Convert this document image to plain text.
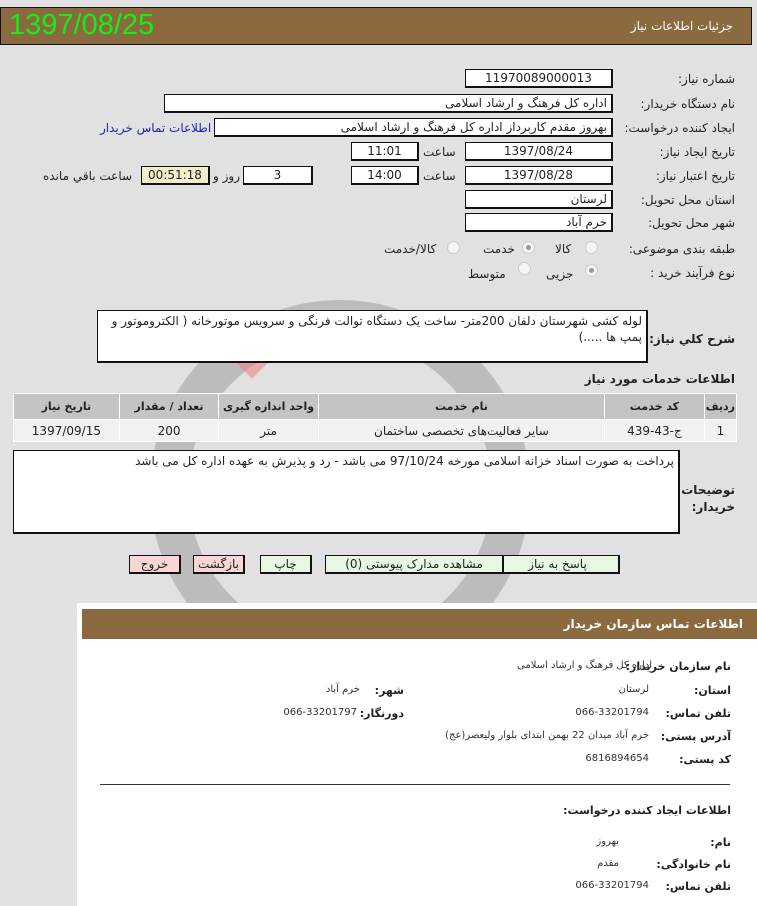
جزئیات اطلاعات نیاز
1397/08/25
شماره نیاز:
11970089000013
نام دستگاه خریدار:
اداره کل فرهنگ و ارشاد اسلامی
ایجاد کننده درخواست:
بهروز مقدم کاربرداز اداره کل فرهنگ و ارشاد اسلامی
اطلاعات تماس خریدار
تاریخ ایجاد نیاز:
1397/08/24
ساعت
11:01
تاریخ اعتبار نیاز:
1397/08/28
ساعت
14:00
3
روز و
00:51:18
ساعت باقي مانده
استان محل تحویل:
لرستان
شهر محل تحویل:
خرم آباد
طبقه بندی موضوعی:
کالا
خدمت
کالا/خدمت
نوع فرآیند خرید :
جزیی
متوسط
شرح کلي نياز:
لوله کشی شهرستان دلفان 200متر- ساخت یک دستگاه توالت فرنگی و سرویس موتورخانه ( الکتروموتور و پمپ ها .....)
اطلاعات خدمات مورد نیاز
ردیف	کد خدمت	نام خدمت	واحد اندازه گیری	تعداد / مقدار	تاریخ نیاز
1	ج-43-439	سایر فعالیت‌های تخصصی ساختمان	متر	200	1397/09/15
توضیحات خریدار:
پرداخت به صورت اسناد خزانه اسلامی مورخه 97/10/24 می باشد - رد و پذیرش به عهده اداره کل می باشد
پاسخ به نیاز
مشاهده مدارک پیوستی (0)
چاپ
بازگشت
خروج
اطلاعات تماس سازمان خریدار
نام سازمان خریدار:
اداره کل فرهنگ و ارشاد اسلامی
استان:
لرستان
شهر:
خرم آباد
تلفن تماس:
066-33201794
دورنگار:
066-33201797
آدرس پستی:
خرم آباد میدان 22 بهمن ابتدای بلوار ولیعصر(عج)
کد پستی:
6816894654
اطلاعات ایجاد کننده درخواست:
نام:
بهروز
نام خانوادگی:
مقدم
تلفن تماس:
066-33201794
